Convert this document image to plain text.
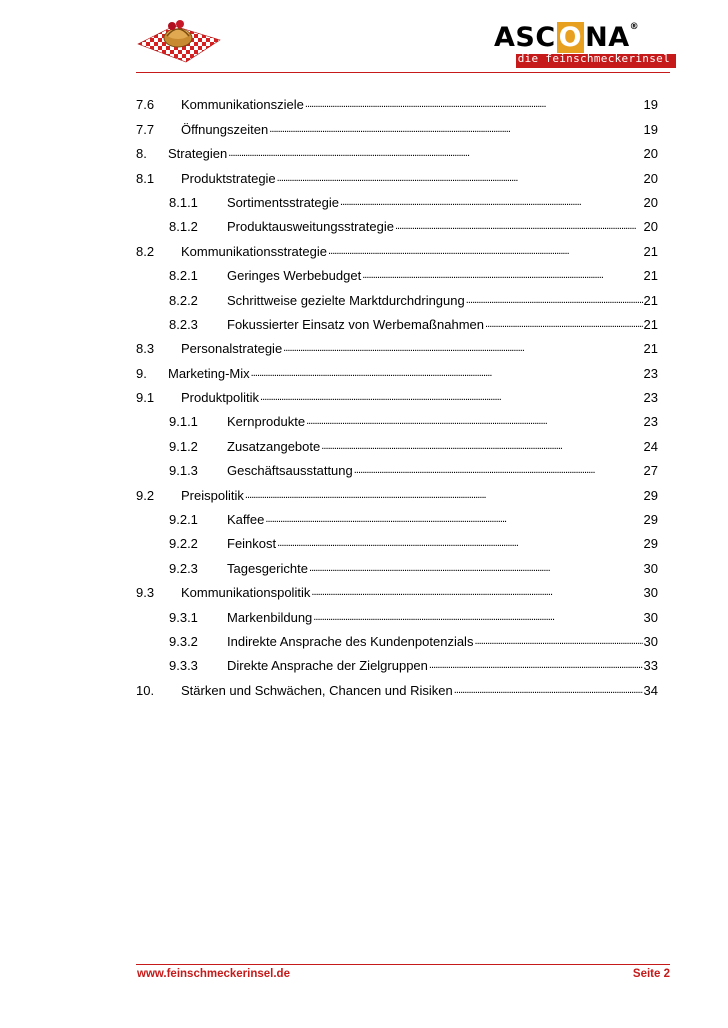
ASC O NA®
die feinschmeckerinsel
7.6	Kommunikationsziele . . .	19
7.7	Öffnungszeiten . . .	19
8.	Strategien . . .	20
8.1	Produktstrategie . . .	20
8.1.1	Sortimentsstrategie . . .	20
8.1.2	Produktausweitungsstrategie . . .	20
8.2	Kommunikationsstrategie . . .	21
8.2.1	Geringes Werbebudget . . .	21
8.2.2	Schrittweise gezielte Marktdurchdringung . . .	21
8.2.3	Fokussierter Einsatz von Werbemaßnahmen . . .	21
8.3	Personalstrategie . . .	21
9.	Marketing-Mix . . .	23
9.1	Produktpolitik . . .	23
9.1.1	Kernprodukte . . .	23
9.1.2	Zusatzangebote . . .	24
9.1.3	Geschäftsausstattung . . .	27
9.2	Preispolitik . . .	29
9.2.1	Kaffee . . .	29
9.2.2	Feinkost . . .	29
9.2.3	Tagesgerichte . . .	30
9.3	Kommunikationspolitik . . .	30
9.3.1	Markenbildung . . .	30
9.3.2	Indirekte Ansprache des Kundenpotenzials . . .	30
9.3.3	Direkte Ansprache der Zielgruppen . . .	33
10.	Stärken und Schwächen, Chancen und Risiken . . .	34
www.feinschmeckerinsel.de	Seite 2
